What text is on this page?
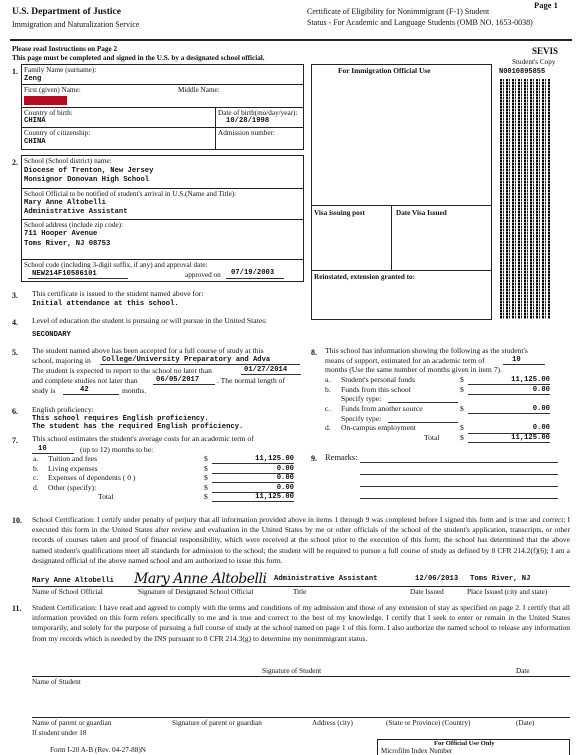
U.S. Department of Justice
Immigration and Naturalization Service
Certificate of Eligibility for Nonimmigrant (F-1) Student
Status - For Academic and Language Students (OMB NO. 1653-0038)
Page 1
Please read Instructions on Page 2
This page must be completed and signed in the U.S. by a designated school official.
SEVIS
Student's Copy
N0010895855
1. Family Name (surname):
Zeng
First (given) Name:	Middle Name:
Country of birth:
CHINA
Date of birth(mo/day/year):
10/28/1998
Country of citizenship:
CHINA
Admission number:
2. School (School district) name:
Diocese of Trenton, New Jersey
Monsignor Donovan High School
School Official to be notified of student's arrival in U.S.(Name and Title):
Mary Anne Altobelli
Administrative Assistant
School address (include zip code):
711 Hooper Avenue
Toms River, NJ 08753
School code (including 3-digit suffix, if any) and approval date:
NEW214F10586101	approved on 07/19/2003
For Immigration Official Use
Visa issuing post	Date Visa Issued
Reinstated, extension granted to:
3. This certificate is issued to the student named above for:
Initial attendance at this school.
4. Level of education the student is pursuing or will pursue in the United States:
SECONDARY
5. The student named above has been accepted for a full course of study at this
school, majoring in College/University Preparatory and Adva
The student is expected to report to the school no later than	01/27/2014
and complete studies not later than	06/05/2017 . The normal length of
study is	42	months.
6. English proficiency:
This school requires English proficiency.
The student has the required English proficiency.
7. This school estimates the student's average costs for an academic term of
10	(up to 12) months to be:
a. Tuition and fees	$	11,125.00
b. Living expenses	$	0.00
c. Expenses of dependents ( 0 )	$	0.00
d. Other (specify):	$	0.00
Total	$	11,125.00
8. This school has information showing the following as the student's
means of support, estimated for an academic term of	10
months (Use the same number of months given in item 7).
a. Student's personal funds	$	11,125.00
b. Funds from this school	$	0.00
Specify type:
c. Funds from another source	$	0.00
Specify type:
d. On-campus employment	$	0.00
Total	$	11,125.00
9. Remarks:
10. School Certification: I certify under penalty of perjury that all information provided above in items 1 through 9 was completed before I signed this form and is true and correct; I executed this form in the United States after review and evaluation in the United States by me or other officials of the school of the student's application, transcripts, or other records of courses taken and proof of financial responsibility, which were received at the school prior to the execution of this form; the school has determined that the above named student's qualifications meet all standards for admission to the school; the student will be required to pursue a full course of study as defined by 8 CFR 214.2(f)(6); I am a designated official of the above named school and am authorized to issue this form.
Mary Anne Altobelli Mary Anne Altobelli Administrative Assistant	12/06/2013 Toms River, NJ
Name of School Official	Signature of Designated School Official	Title	Date Issued	Place Issued (city and state)
11. Student Certification: I have read and agreed to comply with the terms and conditions of my admission and those of any extension of stay as specified on page 2. I certify that all information provided on this form refers specifically to me and is true and correct to the best of my knowledge. I certify that I seek to enter or remain in the United States temporarily, and solely for the purpose of pursuing a full course of study at the school named on page 1 of this form. I also authorize the named school to release any information from my records which is needed by the INS pursuant to 8 CFR 214.3(g) to determine my nonimmigrant status.
Name of Student
Signature of Student	Date
Name of parent or guardian	Signature of parent or guardian	Address (city)	(State or Province) (Country)	(Date)
If student under 18
Form I-20 A-B (Rev. 04-27-88)N
For Official Use Only
Microfilm Index Number
